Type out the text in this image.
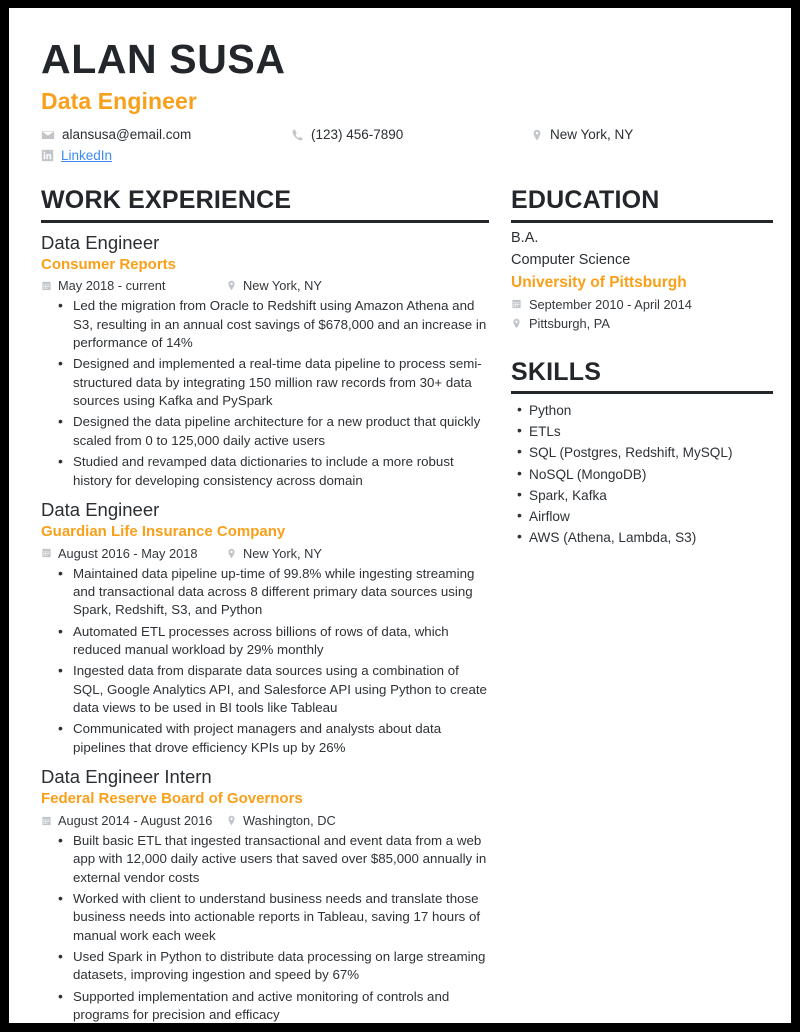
ALAN SUSA
Data Engineer
alansusa@email.com	(123) 456-7890	New York, NY
LinkedIn
WORK EXPERIENCE
Data Engineer
Consumer Reports
May 2018 - current	New York, NY
• Led the migration from Oracle to Redshift using Amazon Athena and S3, resulting in an annual cost savings of $678,000 and an increase in performance of 14%
• Designed and implemented a real-time data pipeline to process semi-structured data by integrating 150 million raw records from 30+ data sources using Kafka and PySpark
• Designed the data pipeline architecture for a new product that quickly scaled from 0 to 125,000 daily active users
• Studied and revamped data dictionaries to include a more robust history for developing consistency across domain
Data Engineer
Guardian Life Insurance Company
August 2016 - May 2018	New York, NY
• Maintained data pipeline up-time of 99.8% while ingesting streaming and transactional data across 8 different primary data sources using Spark, Redshift, S3, and Python
• Automated ETL processes across billions of rows of data, which reduced manual workload by 29% monthly
• Ingested data from disparate data sources using a combination of SQL, Google Analytics API, and Salesforce API using Python to create data views to be used in BI tools like Tableau
• Communicated with project managers and analysts about data pipelines that drove efficiency KPIs up by 26%
Data Engineer Intern
Federal Reserve Board of Governors
August 2014 - August 2016 Washington, DC
• Built basic ETL that ingested transactional and event data from a web app with 12,000 daily active users that saved over $85,000 annually in external vendor costs
• Worked with client to understand business needs and translate those business needs into actionable reports in Tableau, saving 17 hours of manual work each week
• Used Spark in Python to distribute data processing on large streaming datasets, improving ingestion and speed by 67%
• Supported implementation and active monitoring of controls and programs for precision and efficacy
EDUCATION
B.A.
Computer Science
University of Pittsburgh
September 2010 - April 2014
Pittsburgh, PA
SKILLS
• Python
• ETLs
• SQL (Postgres, Redshift, MySQL)
• NoSQL (MongoDB)
• Spark, Kafka
• Airflow
• AWS (Athena, Lambda, S3)
